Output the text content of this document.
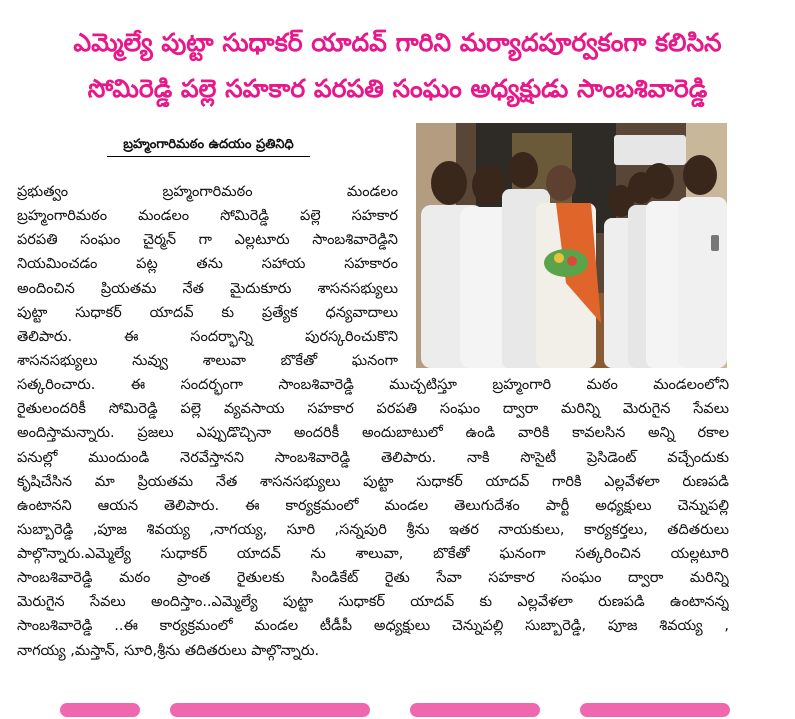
ఎమ్మెల్యే పుట్టా సుధాకర్ యాదవ్ గారిని మర్యాదపూర్వకంగా కలిసిన
సోమిరెడ్డి పల్లె సహకార పరపతి సంఘం అధ్యక్షుడు సాంబశివారెడ్డి
బ్రహ్మంగారిమఠం ఉదయం ప్రతినిధి
ప్రభుత్వం బ్రహ్మంగారిమఠం మండలం
బ్రహ్మంగారిమఠం మండలం సోమిరెడ్డి పల్లె సహకార
పరపతి సంఘం చైర్మన్ గా ఎల్లటూరు సాంబశివారెడ్డిని
నియమించడం పట్ల తను సహాయ సహకారం
అందించిన ప్రియతమ నేత మైదుకూరు శాసనసభ్యులు
పుట్టా సుధాకర్ యాదవ్ కు ప్రత్యేక ధన్యవాదాలు
తెలిపారు. ఈ సందర్భాన్ని పురస్కరించుకొని
శాసనసభ్యులు నువ్వు శాలువా బొకేతో ఘనంగా
సత్కరించారు. ఈ సందర్భంగా సాంబశివారెడ్డి ముచ్చటిస్తూ బ్రహ్మంగారి మఠం మండలంలోని
రైతులందరికీ సోమిరెడ్డి పల్లె వ్యవసాయ సహకార పరపతి సంఘం ద్వారా మరిన్ని మెరుగైన సేవలు
అందిస్తామన్నారు. ప్రజలు ఎప్పుడొచ్చినా అందరికీ అందుబాటులో ఉండి వారికి కావలసిన అన్ని రకాల
పనుల్లో ముందుండి నెరవేస్తానని సాంబశివారెడ్డి తెలిపారు. నాకి సొసైటీ ప్రెసిడెంట్ వచ్చేందుకు
కృషిచేసిన మా ప్రియతమ నేత శాసనసభ్యులు పుట్టా సుధాకర్ యాదవ్ గారికి ఎల్లవేళలా రుణపడి
ఉంటానని ఆయన తెలిపారు. ఈ కార్యక్రమంలో మండల తెలుగుదేశం పార్టీ అధ్యక్షులు చెన్నుపల్లి
సుబ్బారెడ్డి ,పూజ శివయ్య ,నాగయ్య, సూరి ,సన్నపురి శ్రీను ఇతర నాయకులు, కార్యకర్తలు, తదితరులు
పాల్గొన్నారు.ఎమ్మెల్యే సుధాకర్ యాదవ్ ను శాలువా, బొకేతో ఘనంగా సత్కరించిన యల్లటూరి
సాంబశివారెడ్డి మఠం ప్రాంత రైతులకు సిండికేట్ రైతు సేవా సహకార సంఘం ద్వారా మరిన్ని
మెరుగైన సేవలు అందిస్తాం..ఎమ్మెల్యే పుట్టా సుధాకర్ యాదవ్ కు ఎల్లవేళలా రుణపడి ఉంటానన్న
సాంబశివారెడ్డి ..ఈ కార్యక్రమంలో మండల టీడీపీ అధ్యక్షులు చెన్నుపల్లి సుబ్బారెడ్డి, పూజ శివయ్య ,
నాగయ్య ,మస్తాన్, సూరి,శ్రీను తదితరులు పాల్గొన్నారు.
